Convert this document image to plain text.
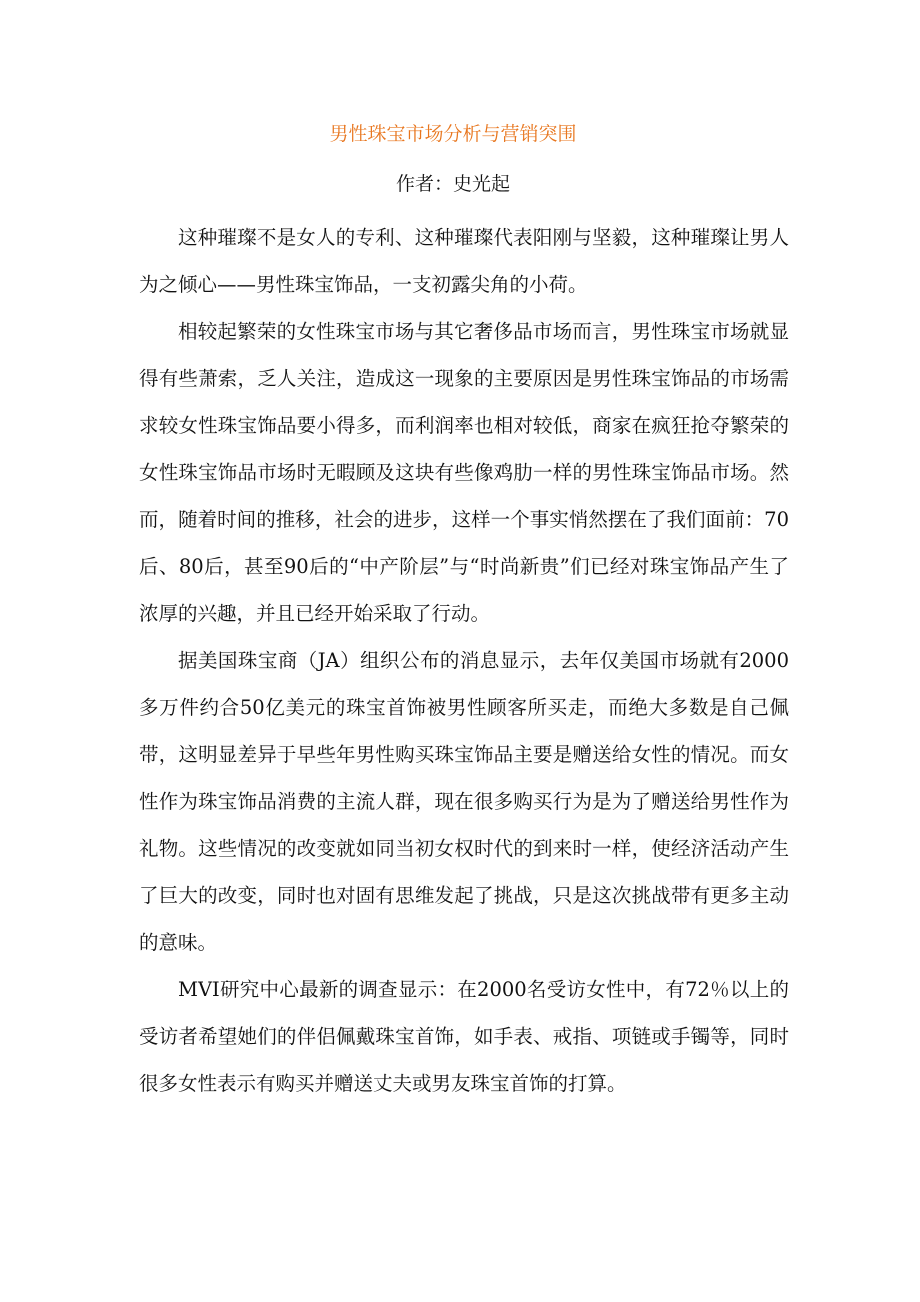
男性珠宝市场分析与营销突围
作者：史光起

这种璀璨不是女人的专利、这种璀璨代表阳刚与坚毅，这种璀璨让男人为之倾心——男性珠宝饰品，一支初露尖角的小荷。

相较起繁荣的女性珠宝市场与其它奢侈品市场而言，男性珠宝市场就显得有些萧索，乏人关注，造成这一现象的主要原因是男性珠宝饰品的市场需求较女性珠宝饰品要小得多，而利润率也相对较低，商家在疯狂抢夺繁荣的女性珠宝饰品市场时无暇顾及这块有些像鸡肋一样的男性珠宝饰品市场。然而，随着时间的推移，社会的进步，这样一个事实悄然摆在了我们面前：70后、80后，甚至90后的“中产阶层”与“时尚新贵”们已经对珠宝饰品产生了浓厚的兴趣，并且已经开始采取了行动。

据美国珠宝商（JA）组织公布的消息显示，去年仅美国市场就有2000多万件约合50亿美元的珠宝首饰被男性顾客所买走，而绝大多数是自己佩带，这明显差异于早些年男性购买珠宝饰品主要是赠送给女性的情况。而女性作为珠宝饰品消费的主流人群，现在很多购买行为是为了赠送给男性作为礼物。这些情况的改变就如同当初女权时代的到来时一样，使经济活动产生了巨大的改变，同时也对固有思维发起了挑战，只是这次挑战带有更多主动的意味。

MVI研究中心最新的调查显示：在2000名受访女性中，有72％以上的受访者希望她们的伴侣佩戴珠宝首饰，如手表、戒指、项链或手镯等，同时很多女性表示有购买并赠送丈夫或男友珠宝首饰的打算。
